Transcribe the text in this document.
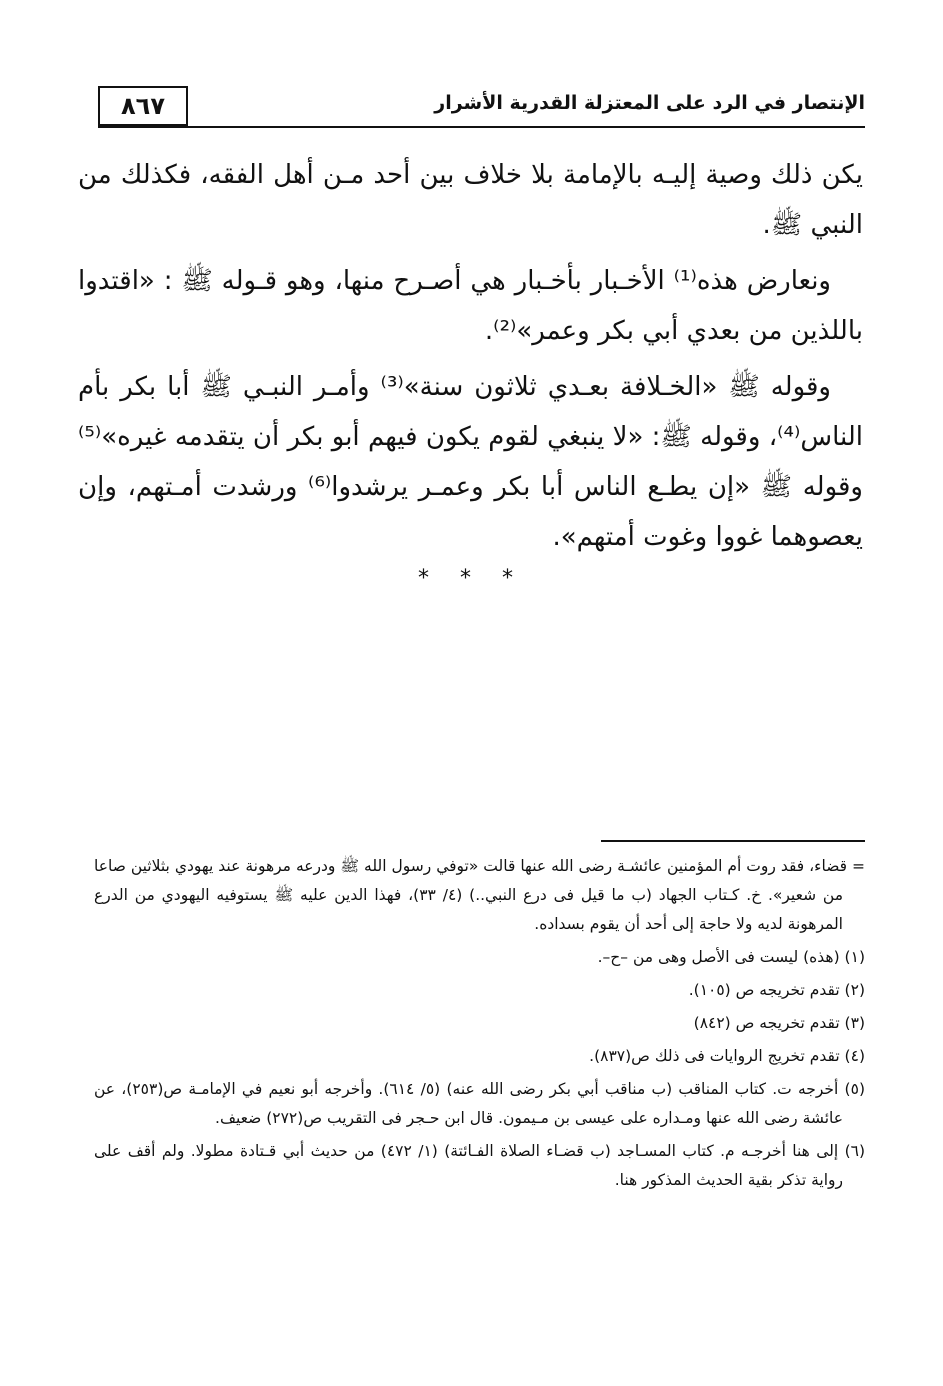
٨٦٧	الإنتصار في الرد على المعتزلة القدرية الأشرار

يكن ذلك وصية إليـه بالإمامة بلا خلاف بين أحد مـن أهل الفقه، فكذلك من النبي ﷺ.

ونعارض هذه⁽¹⁾ الأخـبار بأخـبار هي أصـرح منها، وهو قـوله ﷺ : «اقتدوا باللذين من بعدي أبي بكر وعمر»⁽²⁾.

وقوله ﷺ «الخـلافة بعـدي ثلاثون سنة»⁽³⁾ وأمـر النبـي ﷺ أبا بكر بأم الناس⁽⁴⁾، وقوله ﷺ: «لا ينبغي لقوم يكون فيهم أبو بكر أن يتقدمه غيره»⁽⁵⁾ وقوله ﷺ «إن يطـع الناس أبا بكر وعمـر يرشدوا⁽⁶⁾ ورشدت أمـتهم، وإن يعصوهما غووا وغوت أمتهم».

* * *

= قضاء، فقد روت أم المؤمنين عائشـة رضى الله عنها قالت «توفي رسول الله ﷺ ودرعه مرهونة عند يهودي بثلاثين صاعا من شعير». خ. كـتاب الجهاد (ب ما قيل فى درع النبي..) (٤/ ٣٣)، فهذا الدين عليه ﷺ يستوفيه اليهودي من الدرع المرهونة لديه ولا حاجة إلى أحد أن يقوم بسداده.

(١) (هذه) ليست فى الأصل وهى من –ح–.

(٢) تقدم تخريجه ص (١٠٥).

(٣) تقدم تخريجه ص (٨٤٢)

(٤) تقدم تخريج الروايات فى ذلك ص(٨٣٧).

(٥) أخرجه ت. كتاب المناقب (ب مناقب أبي بكر رضى الله عنه) (٥/ ٦١٤). وأخرجه أبو نعيم في الإمامـة ص(٢٥٣)، عن عائشة رضى الله عنها ومـداره على عيسى بن مـيمون. قال ابن حـجر فى التقريب ص(٢٧٢) ضعيف.

(٦) إلى هنا أخرجـه م. كتاب المسـاجد (ب قضـاء الصلاة الفـائتة) (١/ ٤٧٢) من حديث أبي قـتادة مطولا. ولم أقف على رواية تذكر بقية الحديث المذكور هنا.
